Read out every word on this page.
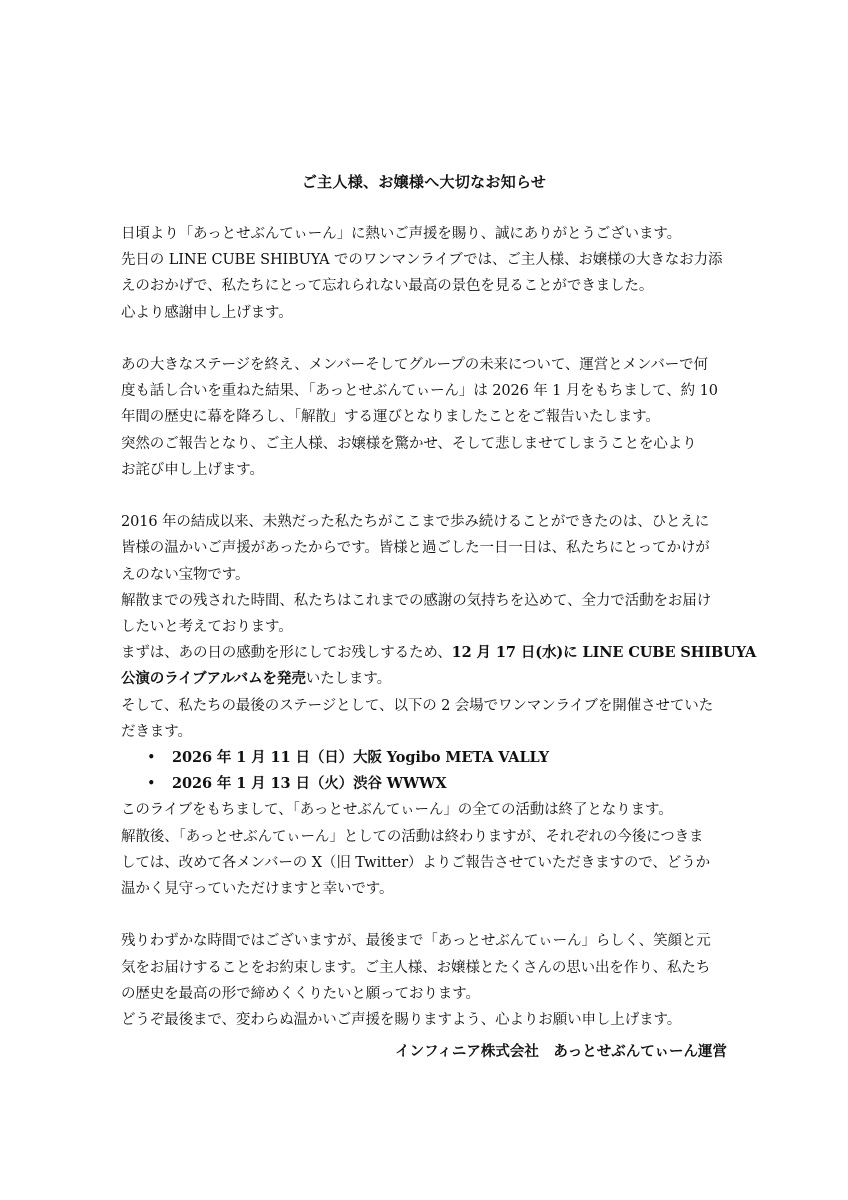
ご主人様、お嬢様へ大切なお知らせ
日頃より「あっとせぶんてぃーん」に熱いご声援を賜り、誠にありがとうございます。
先日の LINE CUBE SHIBUYA でのワンマンライブでは、ご主人様、お嬢様の大きなお力添
えのおかげで、私たちにとって忘れられない最高の景色を見ることができました。
心より感謝申し上げます。
あの大きなステージを終え、メンバーそしてグループの未来について、運営とメンバーで何
度も話し合いを重ねた結果、「あっとせぶんてぃーん」は 2026 年 1 月をもちまして、約 10
年間の歴史に幕を降ろし、「解散」する運びとなりましたことをご報告いたします。
突然のご報告となり、ご主人様、お嬢様を驚かせ、そして悲しませてしまうことを心より
お詫び申し上げます。
2016 年の結成以来、未熟だった私たちがここまで歩み続けることができたのは、ひとえに
皆様の温かいご声援があったからです。皆様と過ごした一日一日は、私たちにとってかけが
えのない宝物です。
解散までの残された時間、私たちはこれまでの感謝の気持ちを込めて、全力で活動をお届け
したいと考えております。
まずは、あの日の感動を形にしてお残しするため、12 月 17 日(水)に LINE CUBE SHIBUYA
公演のライブアルバムを発売いたします。
そして、私たちの最後のステージとして、以下の 2 会場でワンマンライブを開催させていた
だきます。
• 2026 年 1 月 11 日（日）大阪 Yogibo META VALLY
• 2026 年 1 月 13 日（火）渋谷 WWWX
このライブをもちまして、「あっとせぶんてぃーん」の全ての活動は終了となります。
解散後、「あっとせぶんてぃーん」としての活動は終わりますが、それぞれの今後につきま
しては、改めて各メンバーの X（旧 Twitter）よりご報告させていただきますので、どうか
温かく見守っていただけますと幸いです。
残りわずかな時間ではございますが、最後まで「あっとせぶんてぃーん」らしく、笑顔と元
気をお届けすることをお約束します。ご主人様、お嬢様とたくさんの思い出を作り、私たち
の歴史を最高の形で締めくくりたいと願っております。
どうぞ最後まで、変わらぬ温かいご声援を賜りますよう、心よりお願い申し上げます。
インフィニア株式会社　あっとせぶんてぃーん運営
